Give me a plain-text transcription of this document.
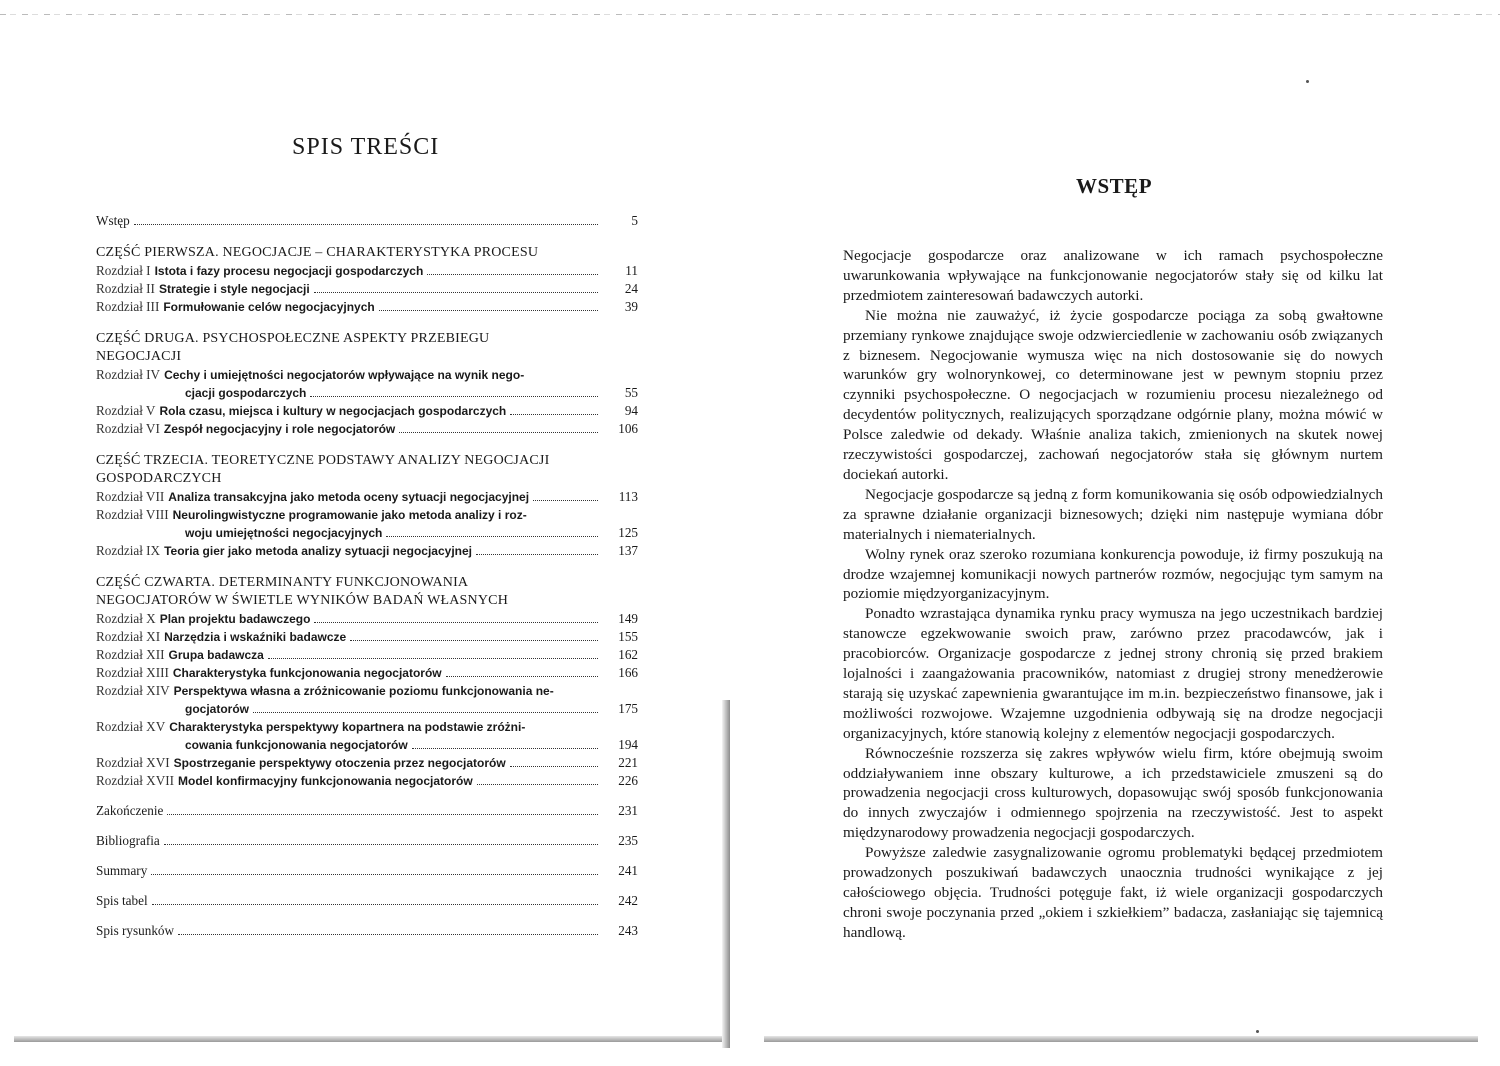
SPIS TREŚCI
Wstęp	5
CZĘŚĆ PIERWSZA. NEGOCJACJE – CHARAKTERYSTYKA PROCESU
Rozdział I Istota i fazy procesu negocjacji gospodarczych	11
Rozdział II Strategie i style negocjacji	24
Rozdział III Formułowanie celów negocjacyjnych	39
CZĘŚĆ DRUGA. PSYCHOSPOŁECZNE ASPEKTY PRZEBIEGU
NEGOCJACJI
Rozdział IV Cechy i umiejętności negocjatorów wpływające na wynik nego-
cjacji gospodarczych	55
Rozdział V Rola czasu, miejsca i kultury w negocjacjach gospodarczych	94
Rozdział VI Zespół negocjacyjny i role negocjatorów	106
CZĘŚĆ TRZECIA. TEORETYCZNE PODSTAWY ANALIZY NEGOCJACJI
GOSPODARCZYCH
Rozdział VII Analiza transakcyjna jako metoda oceny sytuacji negocjacyjnej	113
Rozdział VIII Neurolingwistyczne programowanie jako metoda analizy i roz-
woju umiejętności negocjacyjnych	125
Rozdział IX Teoria gier jako metoda analizy sytuacji negocjacyjnej	137
CZĘŚĆ CZWARTA. DETERMINANTY FUNKCJONOWANIA
NEGOCJATORÓW W ŚWIETLE WYNIKÓW BADAŃ WŁASNYCH
Rozdział X Plan projektu badawczego	149
Rozdział XI Narzędzia i wskaźniki badawcze	155
Rozdział XII Grupa badawcza	162
Rozdział XIII Charakterystyka funkcjonowania negocjatorów	166
Rozdział XIV Perspektywa własna a zróżnicowanie poziomu funkcjonowania ne-
gocjatorów	175
Rozdział XV Charakterystyka perspektywy kopartnera na podstawie zróżni-
cowania funkcjonowania negocjatorów	194
Rozdział XVI Spostrzeganie perspektywy otoczenia przez negocjatorów	221
Rozdział XVII Model konfirmacyjny funkcjonowania negocjatorów	226
Zakończenie	231
Bibliografia	235
Summary	241
Spis tabel	242
Spis rysunków	243
WSTĘP

Negocjacje gospodarcze oraz analizowane w ich ramach psychospołeczne uwarunkowania wpływające na funkcjonowanie negocjatorów stały się od kilku lat przedmiotem zainteresowań badawczych autorki.

Nie można nie zauważyć, iż życie gospodarcze pociąga za sobą gwałtowne przemiany rynkowe znajdujące swoje odzwierciedlenie w zachowaniu osób związanych z biznesem. Negocjowanie wymusza więc na nich dostosowanie się do nowych warunków gry wolnorynkowej, co determinowane jest w pewnym stopniu przez czynniki psychospołeczne. O negocjacjach w rozumieniu procesu niezależnego od decydentów politycznych, realizujących sporządzane odgórnie plany, można mówić w Polsce zaledwie od dekady. Właśnie analiza takich, zmienionych na skutek nowej rzeczywistości gospodarczej, zachowań negocjatorów stała się głównym nurtem dociekań autorki.

Negocjacje gospodarcze są jedną z form komunikowania się osób odpowiedzialnych za sprawne działanie organizacji biznesowych; dzięki nim następuje wymiana dóbr materialnych i niematerialnych.

Wolny rynek oraz szeroko rozumiana konkurencja powoduje, iż firmy poszukują na drodze wzajemnej komunikacji nowych partnerów rozmów, negocjując tym samym na poziomie międzyorganizacyjnym.

Ponadto wzrastająca dynamika rynku pracy wymusza na jego uczestnikach bardziej stanowcze egzekwowanie swoich praw, zarówno przez pracodawców, jak i pracobiorców. Organizacje gospodarcze z jednej strony chronią się przed brakiem lojalności i zaangażowania pracowników, natomiast z drugiej strony menedżerowie starają się uzyskać zapewnienia gwarantujące im m.in. bezpieczeństwo finansowe, jak i możliwości rozwojowe. Wzajemne uzgodnienia odbywają się na drodze negocjacji organizacyjnych, które stanowią kolejny z elementów negocjacji gospodarczych.

Równocześnie rozszerza się zakres wpływów wielu firm, które obejmują swoim oddziaływaniem inne obszary kulturowe, a ich przedstawiciele zmuszeni są do prowadzenia negocjacji cross kulturowych, dopasowując swój sposób funkcjonowania do innych zwyczajów i odmiennego spojrzenia na rzeczywistość. Jest to aspekt międzynarodowy prowadzenia negocjacji gospodarczych.

Powyższe zaledwie zasygnalizowanie ogromu problematyki będącej przedmiotem prowadzonych poszukiwań badawczych unaocznia trudności wynikające z jej całościowego objęcia. Trudności potęguje fakt, iż wiele organizacji gospodarczych chroni swoje poczynania przed „okiem i szkiełkiem” badacza, zasłaniając się tajemnicą handlową.
